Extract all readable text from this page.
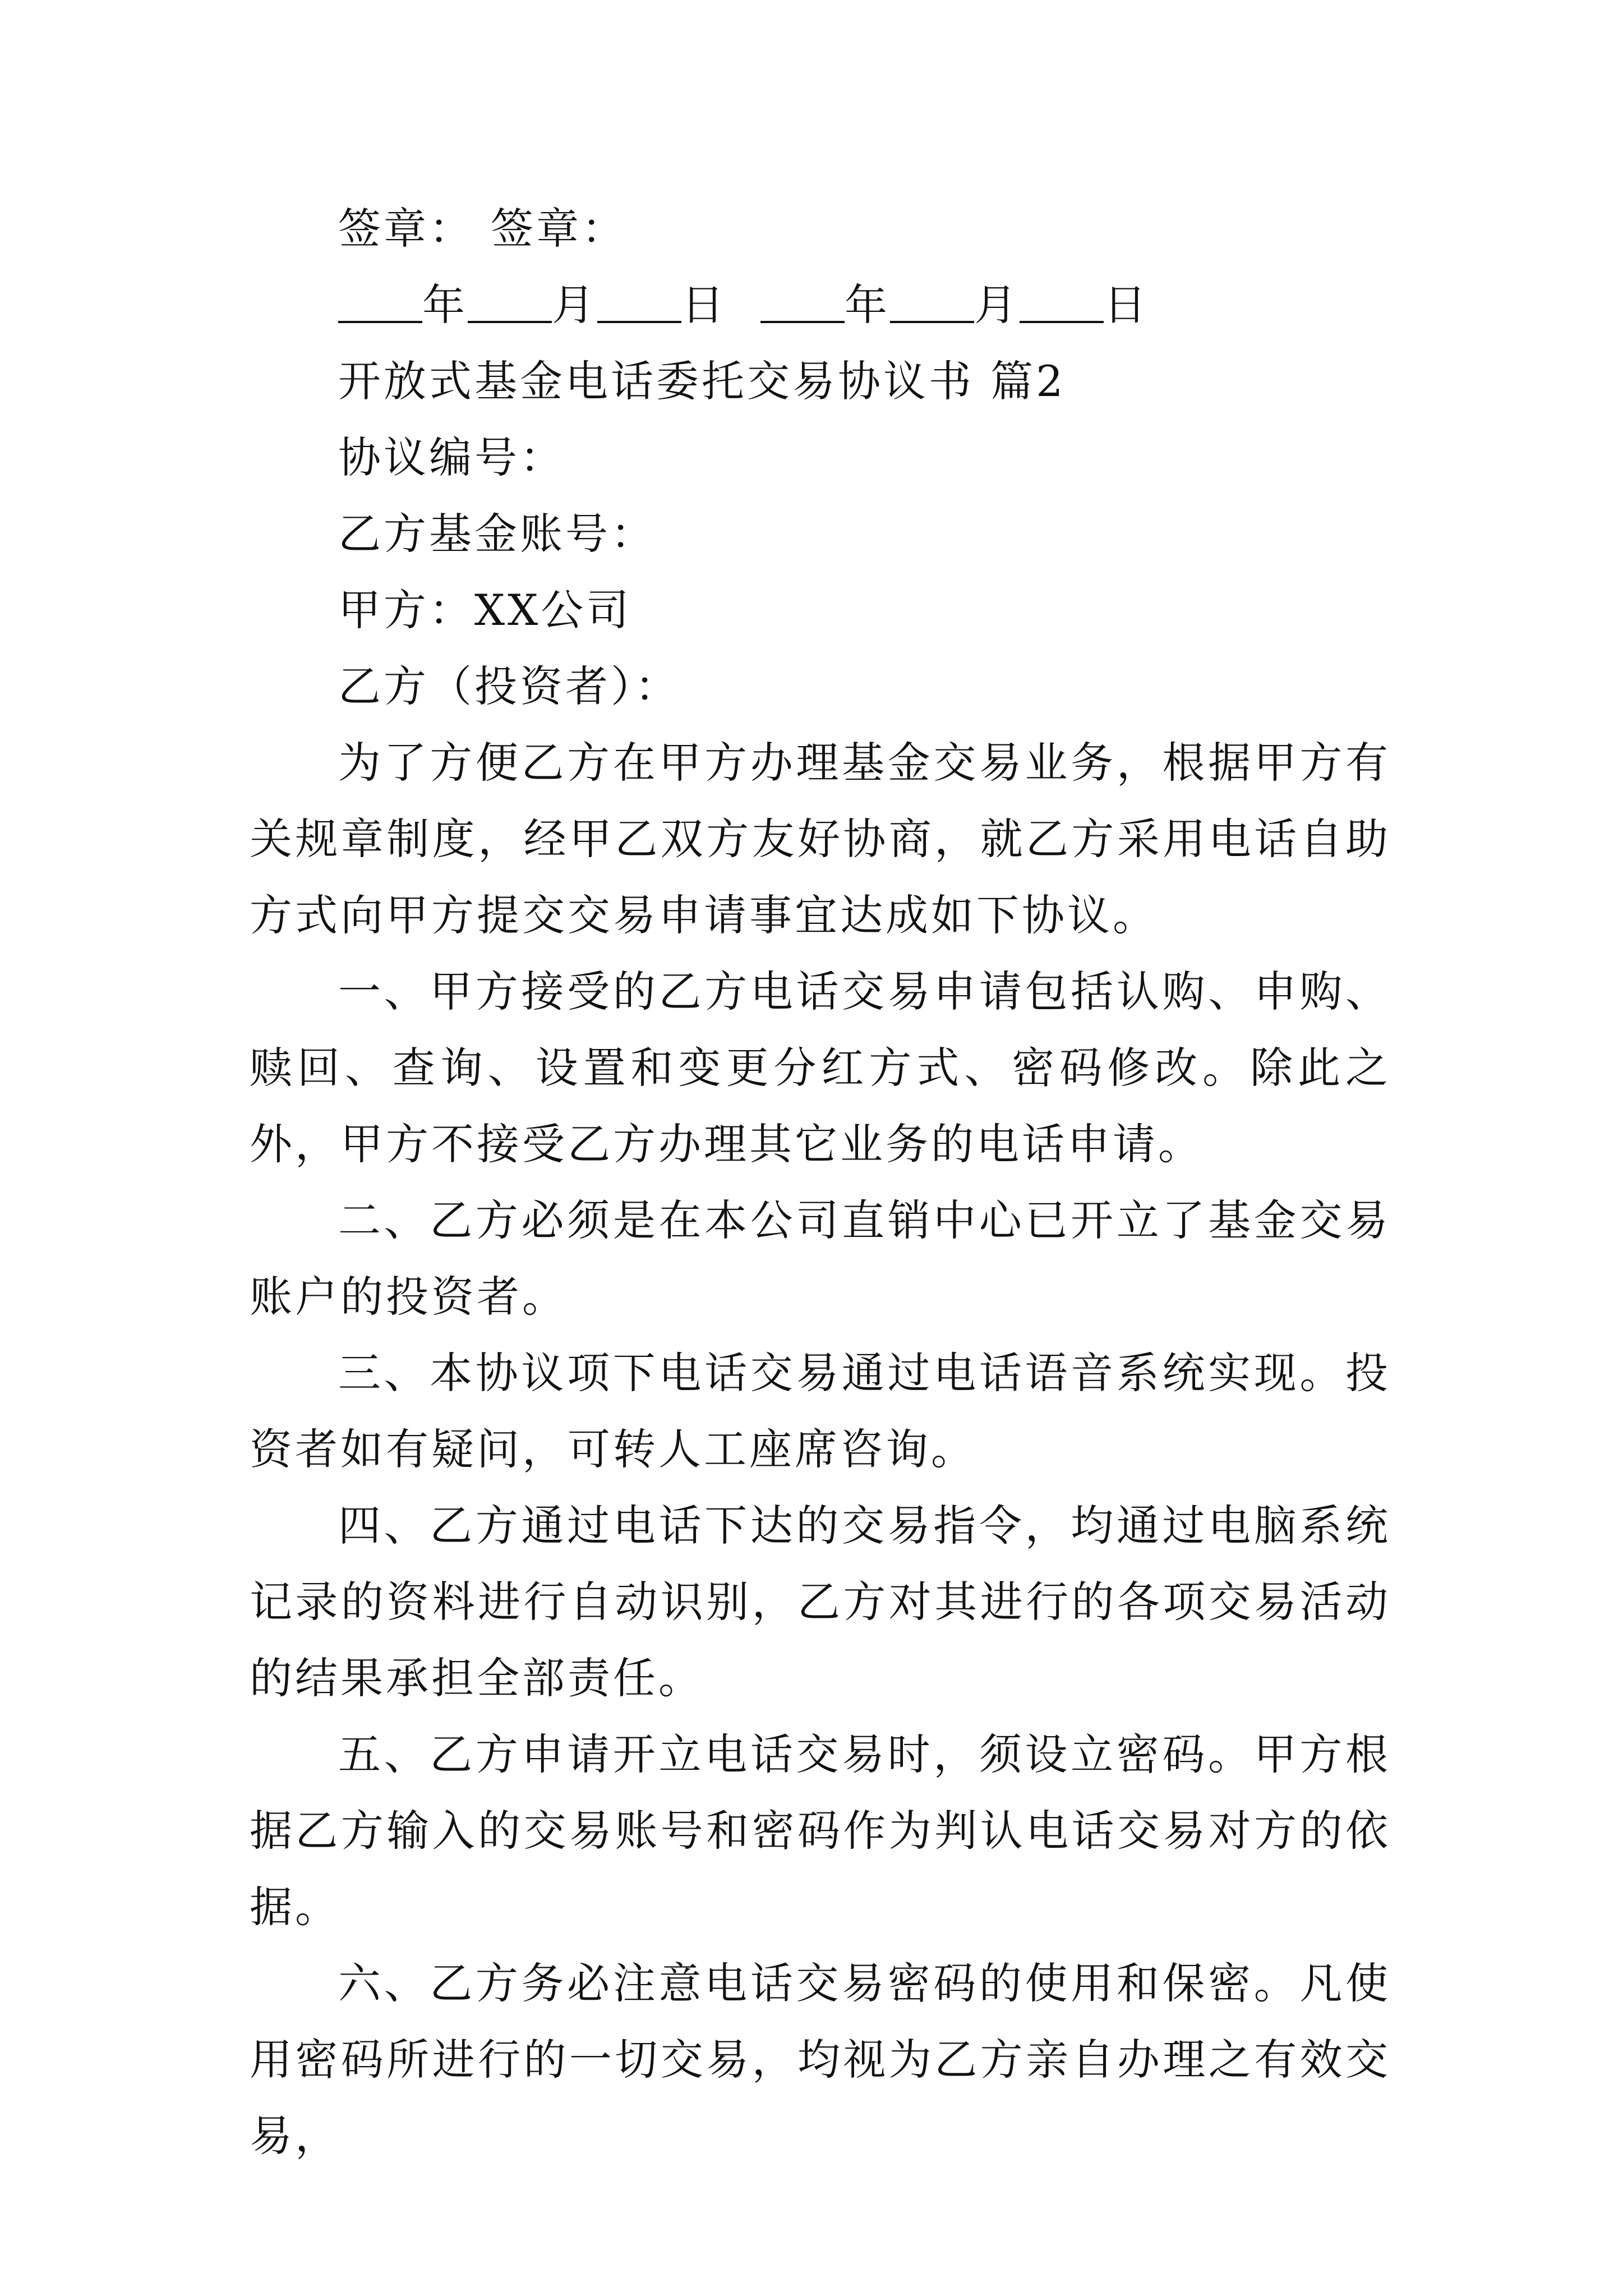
签章： 签章：
年 月 日	年 月 日
开放式基金电话委托交易协议书 篇2
协议编号：
乙方基金账号：
甲方：XX公司
乙方（投资者）：

为了方便乙方在甲方办理基金交易业务，根据甲方有关规章制度，经甲乙双方友好协商，就乙方采用电话自助方式向甲方提交交易申请事宜达成如下协议。

一、甲方接受的乙方电话交易申请包括认购、申购、赎回、查询、设置和变更分红方式、密码修改。除此之外，甲方不接受乙方办理其它业务的电话申请。

二、乙方必须是在本公司直销中心已开立了基金交易账户的投资者。

三、本协议项下电话交易通过电话语音系统实现。投资者如有疑问，可转人工座席咨询。

四、乙方通过电话下达的交易指令，均通过电脑系统记录的资料进行自动识别，乙方对其进行的各项交易活动的结果承担全部责任。

五、乙方申请开立电话交易时，须设立密码。甲方根据乙方输入的交易账号和密码作为判认电话交易对方的依据。

六、乙方务必注意电话交易密码的使用和保密。凡使用密码所进行的一切交易，均视为乙方亲自办理之有效交易，
